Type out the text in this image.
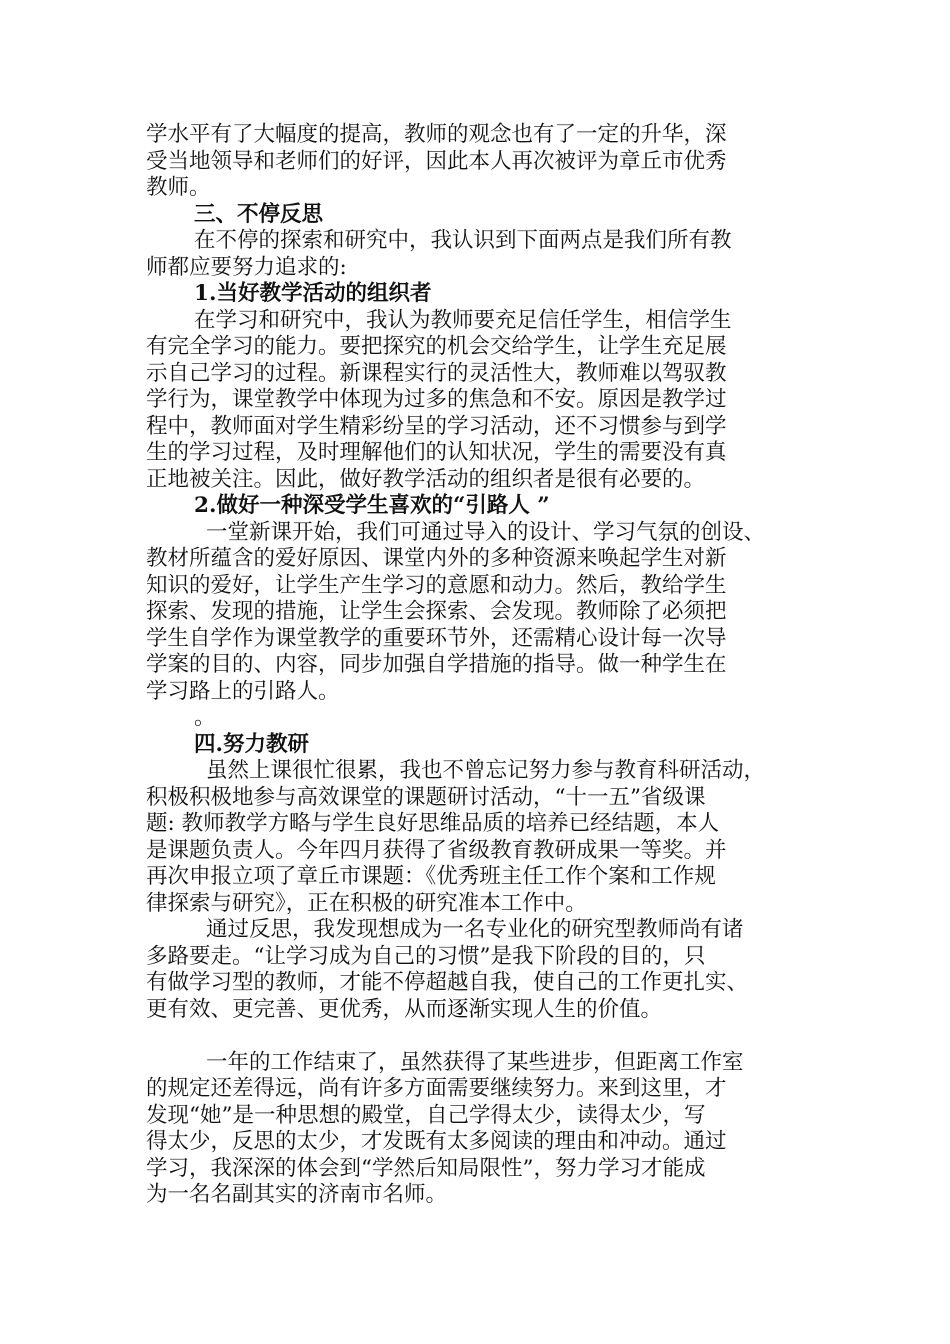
学水平有了大幅度的提高，教师的观念也有了一定的升华，深
受当地领导和老师们的好评，因此本人再次被评为章丘市优秀
教师。
三、不停反思
在不停的探索和研究中，我认识到下面两点是我们所有教
师都应要努力追求的:
1.当好教学活动的组织者
在学习和研究中，我认为教师要充足信任学生，相信学生
有完全学习的能力。要把探究的机会交给学生，让学生充足展
示自己学习的过程。新课程实行的灵活性大，教师难以驾驭教
学行为，课堂教学中体现为过多的焦急和不安。原因是教学过
程中，教师面对学生精彩纷呈的学习活动，还不习惯参与到学
生的学习过程，及时理解他们的认知状况，学生的需要没有真
正地被关注。因此，做好教学活动的组织者是很有必要的。
2.做好一种深受学生喜欢的“引路人 ”
一堂新课开始，我们可通过导入的设计、学习气氛的创设、
教材所蕴含的爱好原因、课堂内外的多种资源来唤起学生对新
知识的爱好，让学生产生学习的意愿和动力。然后，教给学生
探索、发现的措施，让学生会探索、会发现。教师除了必须把
学生自学作为课堂教学的重要环节外，还需精心设计每一次导
学案的目的、内容，同步加强自学措施的指导。做一种学生在
学习路上的引路人。
。
四.努力教研
虽然上课很忙很累，我也不曾忘记努力参与教育科研活动，
积极积极地参与高效课堂的课题研讨活动，“十一五”省级课
题: 教师教学方略与学生良好思维品质的培养已经结题，本人
是课题负责人。今年四月获得了省级教育教研成果一等奖。并
再次申报立项了章丘市课题：《优秀班主任工作个案和工作规
律探索与研究》，正在积极的研究准本工作中。
通过反思，我发现想成为一名专业化的研究型教师尚有诸
多路要走。“让学习成为自己的习惯”是我下阶段的目的，只
有做学习型的教师，才能不停超越自我，使自己的工作更扎实、
更有效、更完善、更优秀，从而逐渐实现人生的价值。
一年的工作结束了，虽然获得了某些进步，但距离工作室
的规定还差得远，尚有许多方面需要继续努力。来到这里，才
发现“她”是一种思想的殿堂，自己学得太少，读得太少，写
得太少，反思的太少，才发既有太多阅读的理由和冲动。通过
学习，我深深的体会到“学然后知局限性”，努力学习才能成
为一名名副其实的济南市名师。
